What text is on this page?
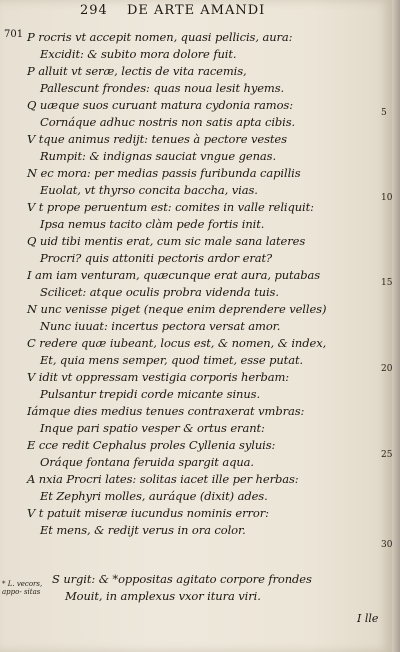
294 DE ARTE AMANDI
701 P rocris vt accepit nomen, quasi pellicis, aura:
Excidit: & subito mora dolore fuit.
P alluit vt seræ, lectis de vita racemis,
Pallescunt frondes: quas noua lesit hyems.
Q uæque suos curuant matura cydonia ramos:
Cornáque adhuc nostris non satis apta cibis.
V tque animus redijt: tenues à pectore vestes
Rumpit: & indignas sauciat vngue genas.
N ec mora: per medias passis furibunda capillis
Euolat, vt thyrso concita baccha, vias.
V t prope peruentum est: comites in valle reliquit:
Ipsa nemus tacito clàm pede fortis init.
Q uid tibi mentis erat, cum sic male sana lateres
Procri? quis attoniti pectoris ardor erat?
I am iam venturam, quæcunque erat aura, putabas
Scilicet: atque oculis probra videnda tuis.
N unc venisse piget (neque enim deprendere velles)
Nunc iuuat: incertus pectora versat amor.
C redere quæ iubeant, locus est, & nomen, & index,
Et, quia mens semper, quod timet, esse putat.
V idit vt oppressam vestigia corporis herbam:
Pulsantur trepidi corde micante sinus.
Iámque dies medius tenues contraxerat vmbras:
Inque pari spatio vesper & ortus erant:
E cce redit Cephalus proles Cyllenia syluis:
Oráque fontana feruida spargit aqua.
A nxia Procri lates: solitas iacet ille per herbas:
Et Zephyri molles, auráque (dixit) ades.
V t patuit miseræ iucundus nominis error:
Et mens, & redijt verus in ora color.
S urgit: & *oppositas agitato corpore frondes
Mouit, in amplexus vxor itura viri.
5
10
15
20
25
30
* L. vecors, appo- sitas
I lle
